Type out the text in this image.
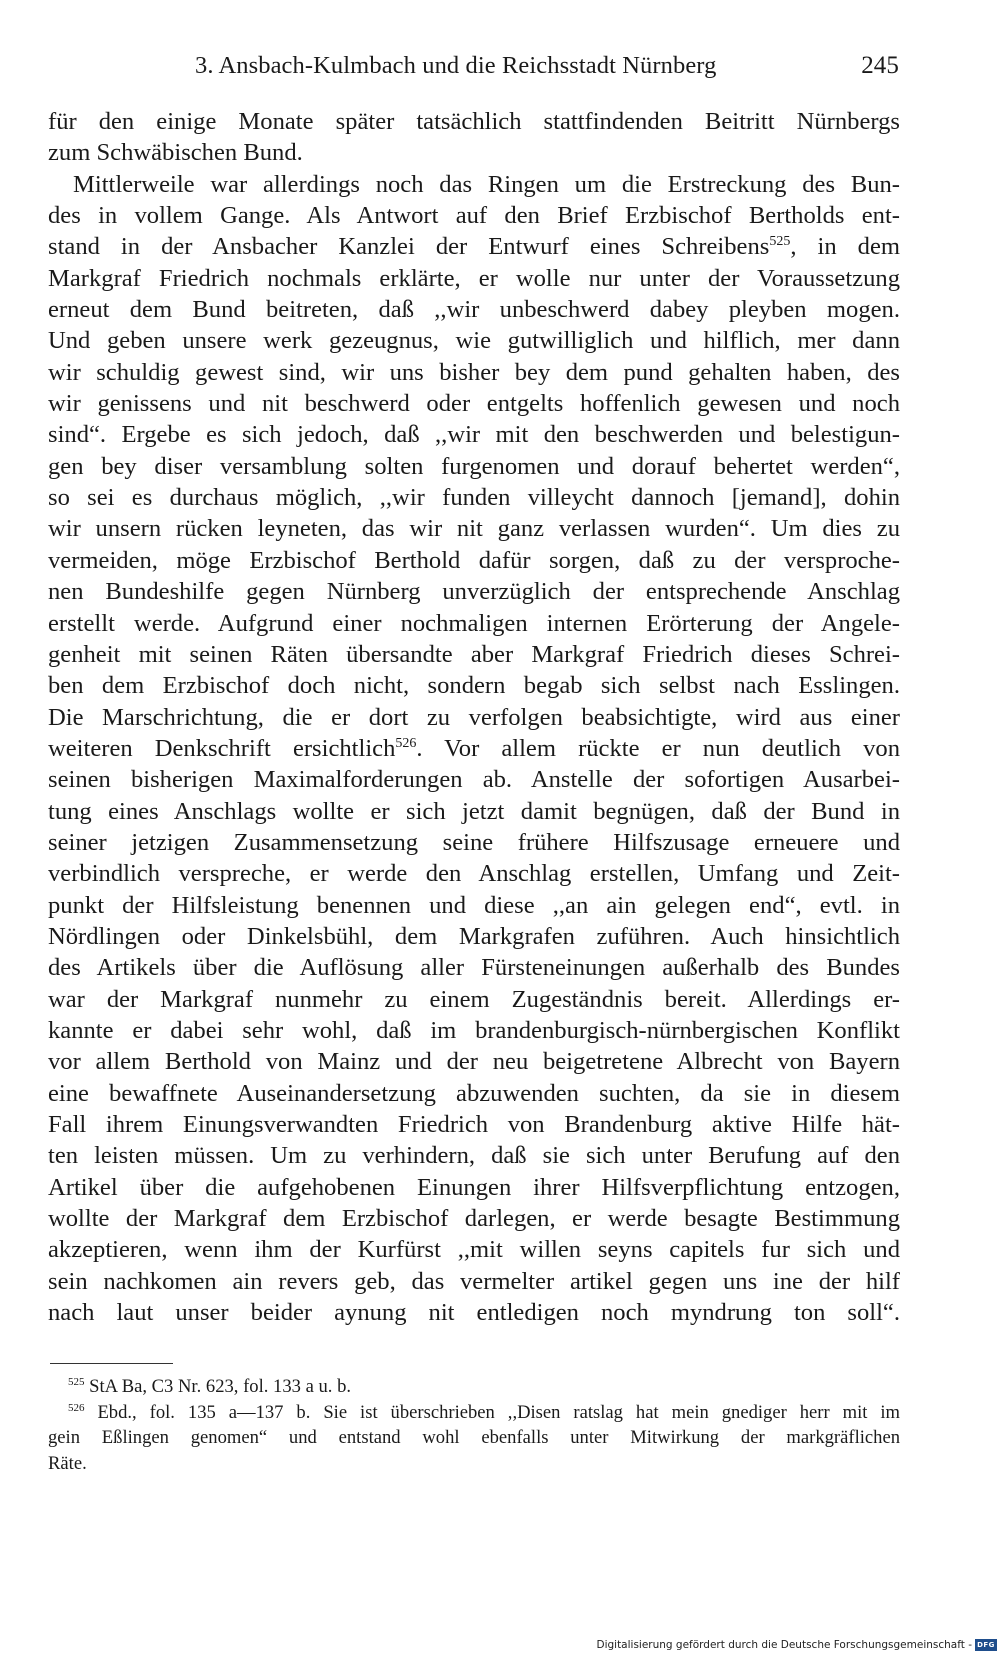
3. Ansbach-Kulmbach und die Reichsstadt Nürnberg	245
für den einige Monate später tatsächlich stattfindenden Beitritt Nürnbergs
zum Schwäbischen Bund.
Mittlerweile war allerdings noch das Ringen um die Erstreckung des Bun-
des in vollem Gange. Als Antwort auf den Brief Erzbischof Bertholds ent-
stand in der Ansbacher Kanzlei der Entwurf eines Schreibens$^{525}$, in dem
Markgraf Friedrich nochmals erklärte, er wolle nur unter der Voraussetzung
erneut dem Bund beitreten, daß ,,wir unbeschwerd dabey pleyben mogen.
Und geben unsere werk gezeugnus, wie gutwilliglich und hilflich, mer dann
wir schuldig gewest sind, wir uns bisher bey dem pund gehalten haben, des
wir genissens und nit beschwerd oder entgelts hoffenlich gewesen und noch
sind“. Ergebe es sich jedoch, daß ,,wir mit den beschwerden und belestigun-
gen bey diser versamblung solten furgenomen und dorauf behertet werden“,
so sei es durchaus möglich, ,,wir funden villeycht dannoch [jemand], dohin
wir unsern rücken leyneten, das wir nit ganz verlassen wurden“. Um dies zu
vermeiden, möge Erzbischof Berthold dafür sorgen, daß zu der versproche-
nen Bundeshilfe gegen Nürnberg unverzüglich der entsprechende Anschlag
erstellt werde. Aufgrund einer nochmaligen internen Erörterung der Angele-
genheit mit seinen Räten übersandte aber Markgraf Friedrich dieses Schrei-
ben dem Erzbischof doch nicht, sondern begab sich selbst nach Esslingen.
Die Marschrichtung, die er dort zu verfolgen beabsichtigte, wird aus einer
weiteren Denkschrift ersichtlich$^{526}$. Vor allem rückte er nun deutlich von
seinen bisherigen Maximalforderungen ab. Anstelle der sofortigen Ausarbei-
tung eines Anschlags wollte er sich jetzt damit begnügen, daß der Bund in
seiner jetzigen Zusammensetzung seine frühere Hilfszusage erneuere und
verbindlich verspreche, er werde den Anschlag erstellen, Umfang und Zeit-
punkt der Hilfsleistung benennen und diese ,,an ain gelegen end“, evtl. in
Nördlingen oder Dinkelsbühl, dem Markgrafen zuführen. Auch hinsichtlich
des Artikels über die Auflösung aller Fürsteneinungen außerhalb des Bundes
war der Markgraf nunmehr zu einem Zugeständnis bereit. Allerdings er-
kannte er dabei sehr wohl, daß im brandenburgisch-nürnbergischen Konflikt
vor allem Berthold von Mainz und der neu beigetretene Albrecht von Bayern
eine bewaffnete Auseinandersetzung abzuwenden suchten, da sie in diesem
Fall ihrem Einungsverwandten Friedrich von Brandenburg aktive Hilfe hät-
ten leisten müssen. Um zu verhindern, daß sie sich unter Berufung auf den
Artikel über die aufgehobenen Einungen ihrer Hilfsverpflichtung entzogen,
wollte der Markgraf dem Erzbischof darlegen, er werde besagte Bestimmung
akzeptieren, wenn ihm der Kurfürst ,,mit willen seyns capitels fur sich und
sein nachkomen ain revers geb, das vermelter artikel gegen uns ine der hilf
nach laut unser beider aynung nit entledigen noch myndrung ton soll“.
$^{525}$ StA Ba, C3 Nr. 623, fol. 133 a u. b.
$^{526}$ Ebd., fol. 135 a—137 b. Sie ist überschrieben ,,Disen ratslag hat mein gnediger herr mit im
gein Eßlingen genomen“ und entstand wohl ebenfalls unter Mitwirkung der markgräflichen
Räte.
Digitalisierung gefördert durch die Deutsche Forschungsgemeinschaft - DFG
